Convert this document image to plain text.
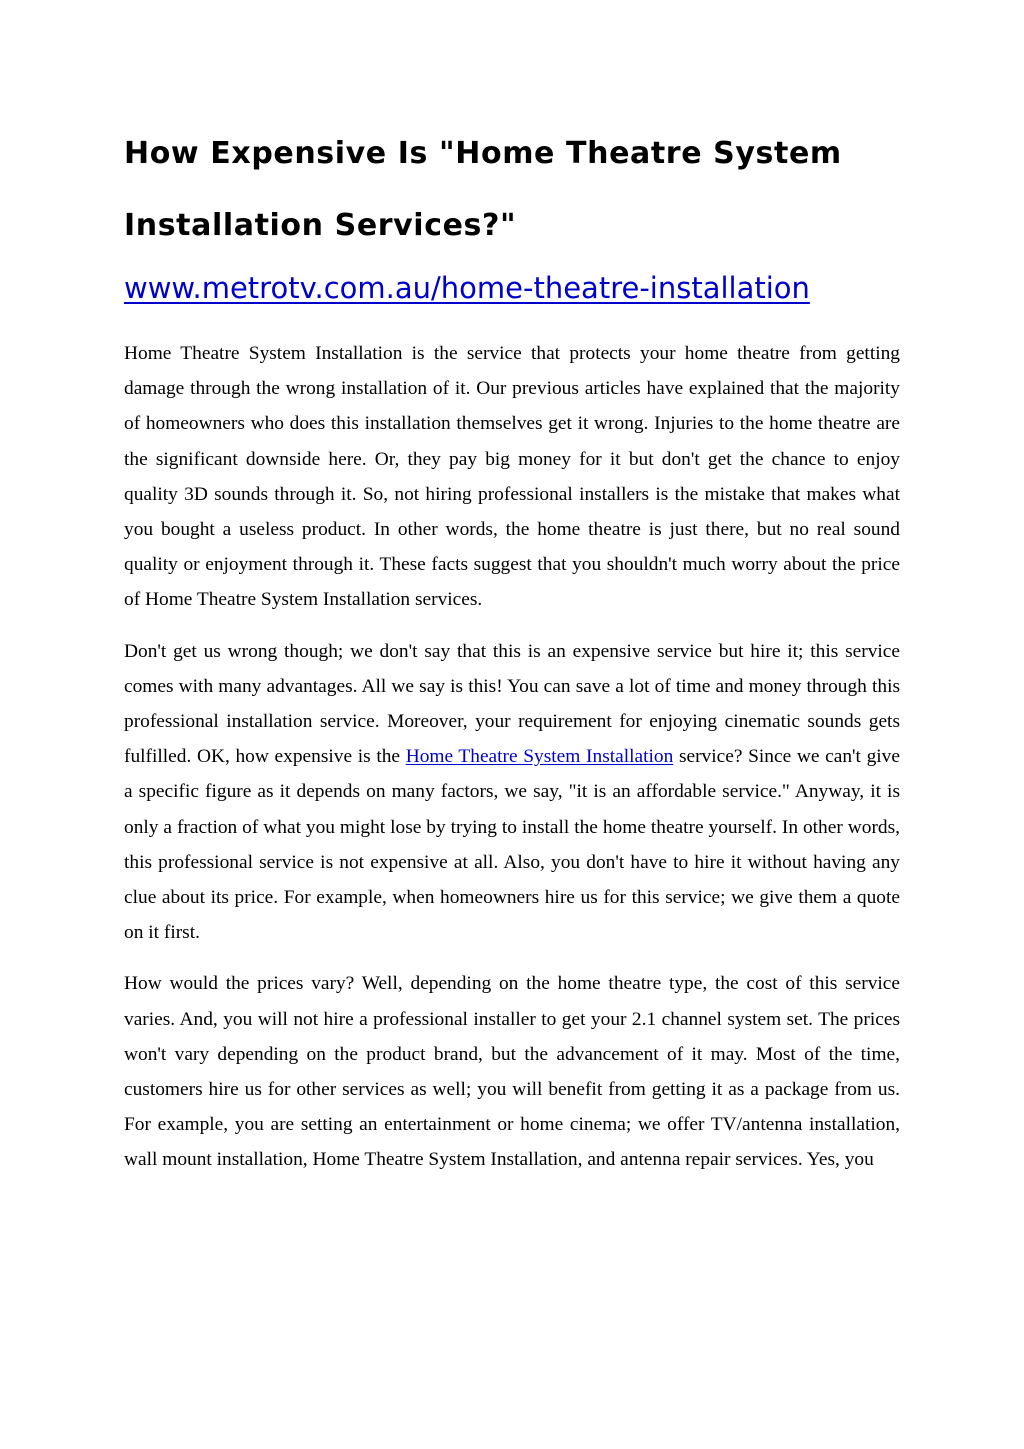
How Expensive Is "Home Theatre System
Installation Services?"
www.metrotv.com.au/home-theatre-installation

Home Theatre System Installation is the service that protects your home theatre from getting damage through the wrong installation of it. Our previous articles have explained that the majority of homeowners who does this installation themselves get it wrong. Injuries to the home theatre are the significant downside here. Or, they pay big money for it but don't get the chance to enjoy quality 3D sounds through it. So, not hiring professional installers is the mistake that makes what you bought a useless product. In other words, the home theatre is just there, but no real sound quality or enjoyment through it. These facts suggest that you shouldn't much worry about the price of Home Theatre System Installation services.

Don't get us wrong though; we don't say that this is an expensive service but hire it; this service comes with many advantages. All we say is this! You can save a lot of time and money through this professional installation service. Moreover, your requirement for enjoying cinematic sounds gets fulfilled. OK, how expensive is the Home Theatre System Installation service? Since we can't give a specific figure as it depends on many factors, we say, "it is an affordable service." Anyway, it is only a fraction of what you might lose by trying to install the home theatre yourself. In other words, this professional service is not expensive at all. Also, you don't have to hire it without having any clue about its price. For example, when homeowners hire us for this service; we give them a quote on it first.

How would the prices vary? Well, depending on the home theatre type, the cost of this service varies. And, you will not hire a professional installer to get your 2.1 channel system set. The prices won't vary depending on the product brand, but the advancement of it may. Most of the time, customers hire us for other services as well; you will benefit from getting it as a package from us. For example, you are setting an entertainment or home cinema; we offer TV/antenna installation, wall mount installation, Home Theatre System Installation, and antenna repair services. Yes, you
